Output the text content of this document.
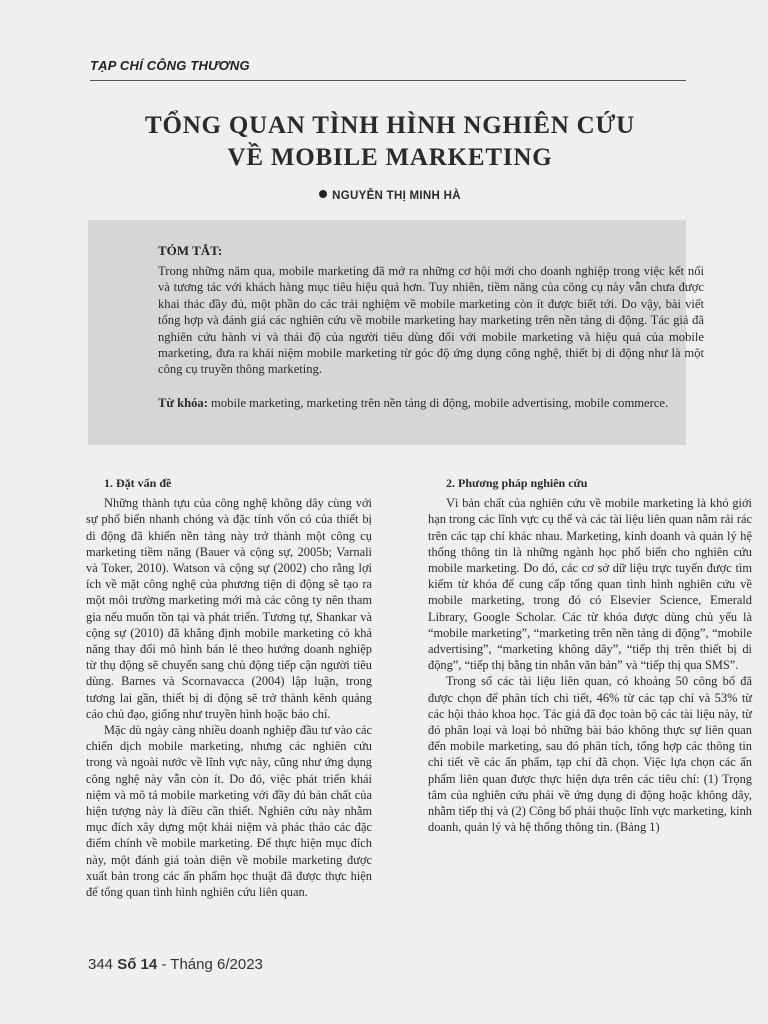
TẠP CHÍ CÔNG THƯƠNG
TỔNG QUAN TÌNH HÌNH NGHIÊN CỨU
VỀ MOBILE MARKETING
NGUYỄN THỊ MINH HÀ
TÓM TẮT:

Trong những năm qua, mobile marketing đã mở ra những cơ hội mới cho doanh nghiệp trong việc kết nối và tương tác với khách hàng mục tiêu hiệu quả hơn. Tuy nhiên, tiềm năng của công cụ này vẫn chưa được khai thác đầy đủ, một phần do các trải nghiệm về mobile marketing còn ít được biết tới. Do vậy, bài viết tổng hợp và đánh giá các nghiên cứu về mobile marketing hay marketing trên nền tảng di động. Tác giả đã nghiên cứu hành vi và thái độ của người tiêu dùng đối với mobile marketing và hiệu quả của mobile marketing, đưa ra khái niệm mobile marketing từ góc độ ứng dụng công nghệ, thiết bị di động như là một công cụ truyền thông marketing.

Từ khóa: mobile marketing, marketing trên nền tảng di động, mobile advertising, mobile commerce.

1. Đặt vấn đề

Những thành tựu của công nghệ không dây cùng với sự phổ biến nhanh chóng và đặc tính vốn có của thiết bị di động đã khiến nền tảng này trở thành một công cụ marketing tiềm năng (Bauer và cộng sự, 2005b; Varnali và Toker, 2010). Watson và cộng sự (2002) cho rằng lợi ích về mặt công nghệ của phương tiện di động sẽ tạo ra một môi trường marketing mới mà các công ty nên tham gia nếu muốn tồn tại và phát triển. Tương tự, Shankar và cộng sự (2010) đã khẳng định mobile marketing có khả năng thay đổi mô hình bán lẻ theo hướng doanh nghiệp từ thụ động sẽ chuyển sang chủ động tiếp cận người tiêu dùng. Barnes và Scornavacca (2004) lập luận, trong tương lai gần, thiết bị di động sẽ trở thành kênh quảng cáo chủ đạo, giống như truyền hình hoặc báo chí.

Mặc dù ngày càng nhiều doanh nghiệp đầu tư vào các chiến dịch mobile marketing, nhưng các nghiên cứu trong và ngoài nước về lĩnh vực này, cũng như ứng dụng công nghệ này vẫn còn ít. Do đó, việc phát triển khái niệm và mô tả mobile marketing với đầy đủ bản chất của hiện tượng này là điều cần thiết. Nghiên cứu này nhằm mục đích xây dựng một khái niệm và phác thảo các đặc điểm chính về mobile marketing. Để thực hiện mục đích này, một đánh giá toàn diện về mobile marketing được xuất bản trong các ấn phẩm học thuật đã được thực hiện để tổng quan tình hình nghiên cứu liên quan.

2. Phương pháp nghiên cứu

Vì bản chất của nghiên cứu về mobile marketing là khó giới hạn trong các lĩnh vực cụ thể và các tài liệu liên quan nằm rải rác trên các tạp chí khác nhau. Marketing, kinh doanh và quản lý hệ thống thông tin là những ngành học phổ biến cho nghiên cứu mobile marketing. Do đó, các cơ sở dữ liệu trực tuyến được tìm kiếm từ khóa để cung cấp tổng quan tình hình nghiên cứu về mobile marketing, trong đó có Elsevier Science, Emerald Library, Google Scholar. Các từ khóa được dùng chủ yếu là “mobile marketing”, “marketing trên nền tảng di động”, “mobile advertising”, “marketing không dây”, “tiếp thị trên thiết bị di động”, “tiếp thị bằng tin nhắn văn bản” và “tiếp thị qua SMS”.

Trong số các tài liệu liên quan, có khoảng 50 công bố đã được chọn để phân tích chi tiết, 46% từ các tạp chí và 53% từ các hội thảo khoa học. Tác giả đã đọc toàn bộ các tài liệu này, từ đó phân loại và loại bỏ những bài báo không thực sự liên quan đến mobile marketing, sau đó phân tích, tổng hợp các thông tin chi tiết về các ấn phẩm, tạp chí đã chọn. Việc lựa chọn các ấn phẩm liên quan được thực hiện dựa trên các tiêu chí: (1) Trọng tâm của nghiên cứu phải về ứng dụng di động hoặc không dây, nhằm tiếp thị và (2) Công bố phải thuộc lĩnh vực marketing, kinh doanh, quản lý và hệ thống thông tin. (Bảng 1)

344 Số 14 - Tháng 6/2023
